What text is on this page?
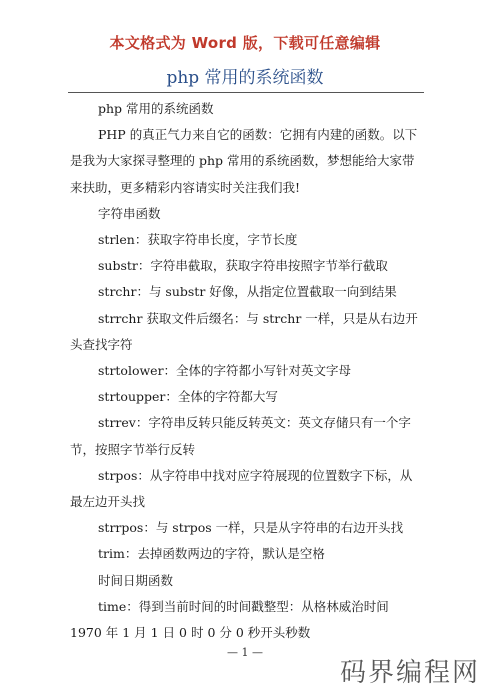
本文格式为 Word 版，下载可任意编辑
php 常用的系统函数

php 常用的系统函数

PHP 的真正气力来自它的函数：它拥有内建的函数。以下是我为大家探寻整理的 php 常用的系统函数，梦想能给大家带来扶助，更多精彩内容请实时关注我们我!

字符串函数

strlen：获取字符串长度，字节长度

substr：字符串截取，获取字符串按照字节举行截取

strchr：与 substr 好像，从指定位置截取一向到结果

strrchr 获取文件后缀名：与 strchr 一样，只是从右边开头查找字符

strtolower：全体的字符都小写针对英文字母

strtoupper：全体的字符都大写

strrev：字符串反转只能反转英文：英文存储只有一个字节，按照字节举行反转

strpos：从字符串中找对应字符展现的位置数字下标，从最左边开头找

strrpos：与 strpos 一样，只是从字符串的右边开头找

trim：去掉函数两边的字符，默认是空格

时间日期函数

time：得到当前时间的时间戳整型：从格林威治时间 1970 年 1 月 1 日 0 时 0 分 0 秒开头秒数

— 1 —
码界编程网
